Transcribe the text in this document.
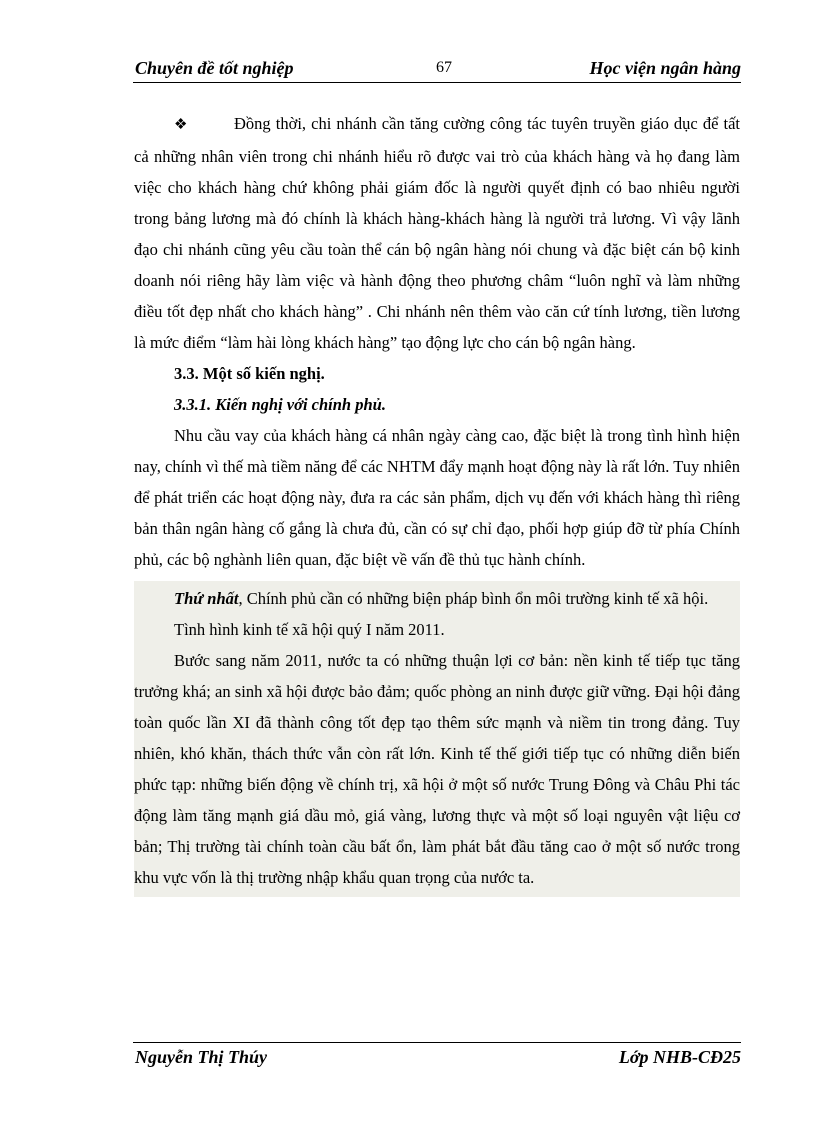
Chuyên đề tốt nghiệp	67	Học viện ngân hàng

❖	Đồng thời, chi nhánh cần tăng cường công tác tuyên truyền giáo dục để tất cả những nhân viên trong chi nhánh hiểu rõ được vai trò của khách hàng và họ đang làm việc cho khách hàng chứ không phải giám đốc là người quyết định có bao nhiêu người trong bảng lương mà đó chính là khách hàng-khách hàng là người trả lương. Vì vậy lãnh đạo chi nhánh cũng yêu cầu toàn thể cán bộ ngân hàng nói chung và đặc biệt cán bộ kinh doanh nói riêng hãy làm việc và hành động theo phương châm “luôn nghĩ và làm những điều tốt đẹp nhất cho khách hàng” . Chi nhánh nên thêm vào căn cứ tính lương, tiền lương là mức điểm “làm hài lòng khách hàng” tạo động lực cho cán bộ ngân hàng.

3.3. Một số kiến nghị.
3.3.1. Kiến nghị với chính phủ.

Nhu cầu vay của khách hàng cá nhân ngày càng cao, đặc biệt là trong tình hình hiện nay, chính vì thế mà tiềm năng để các NHTM đẩy mạnh hoạt động này là rất lớn. Tuy nhiên để phát triển các hoạt động này, đưa ra các sản phẩm, dịch vụ đến với khách hàng thì riêng bản thân ngân hàng cố gắng là chưa đủ, cần có sự chỉ đạo, phối hợp giúp đỡ từ phía Chính phủ, các bộ nghành liên quan, đặc biệt về vấn đề thủ tục hành chính.

Thứ nhất, Chính phủ cần có những biện pháp bình ổn môi trường kinh tế xã hội.

Tình hình kinh tế xã hội quý I năm 2011.

Bước sang năm 2011, nước ta có những thuận lợi cơ bản: nền kinh tế tiếp tục tăng trưởng khá; an sinh xã hội được bảo đảm; quốc phòng an ninh được giữ vững. Đại hội đảng toàn quốc lần XI đã thành công tốt đẹp tạo thêm sức mạnh và niềm tin trong đảng. Tuy nhiên, khó khăn, thách thức vẫn còn rất lớn. Kinh tế thế giới tiếp tục có những diễn biến phức tạp: những biến động về chính trị, xã hội ở một số nước Trung Đông và Châu Phi tác động làm tăng mạnh giá dầu mỏ, giá vàng, lương thực và một số loại nguyên vật liệu cơ bản; Thị trường tài chính toàn cầu bất ổn, làm phát bắt đầu tăng cao ở một số nước trong khu vực vốn là thị trường nhập khẩu quan trọng của nước ta.

Nguyễn Thị Thúy	Lớp NHB-CĐ25
